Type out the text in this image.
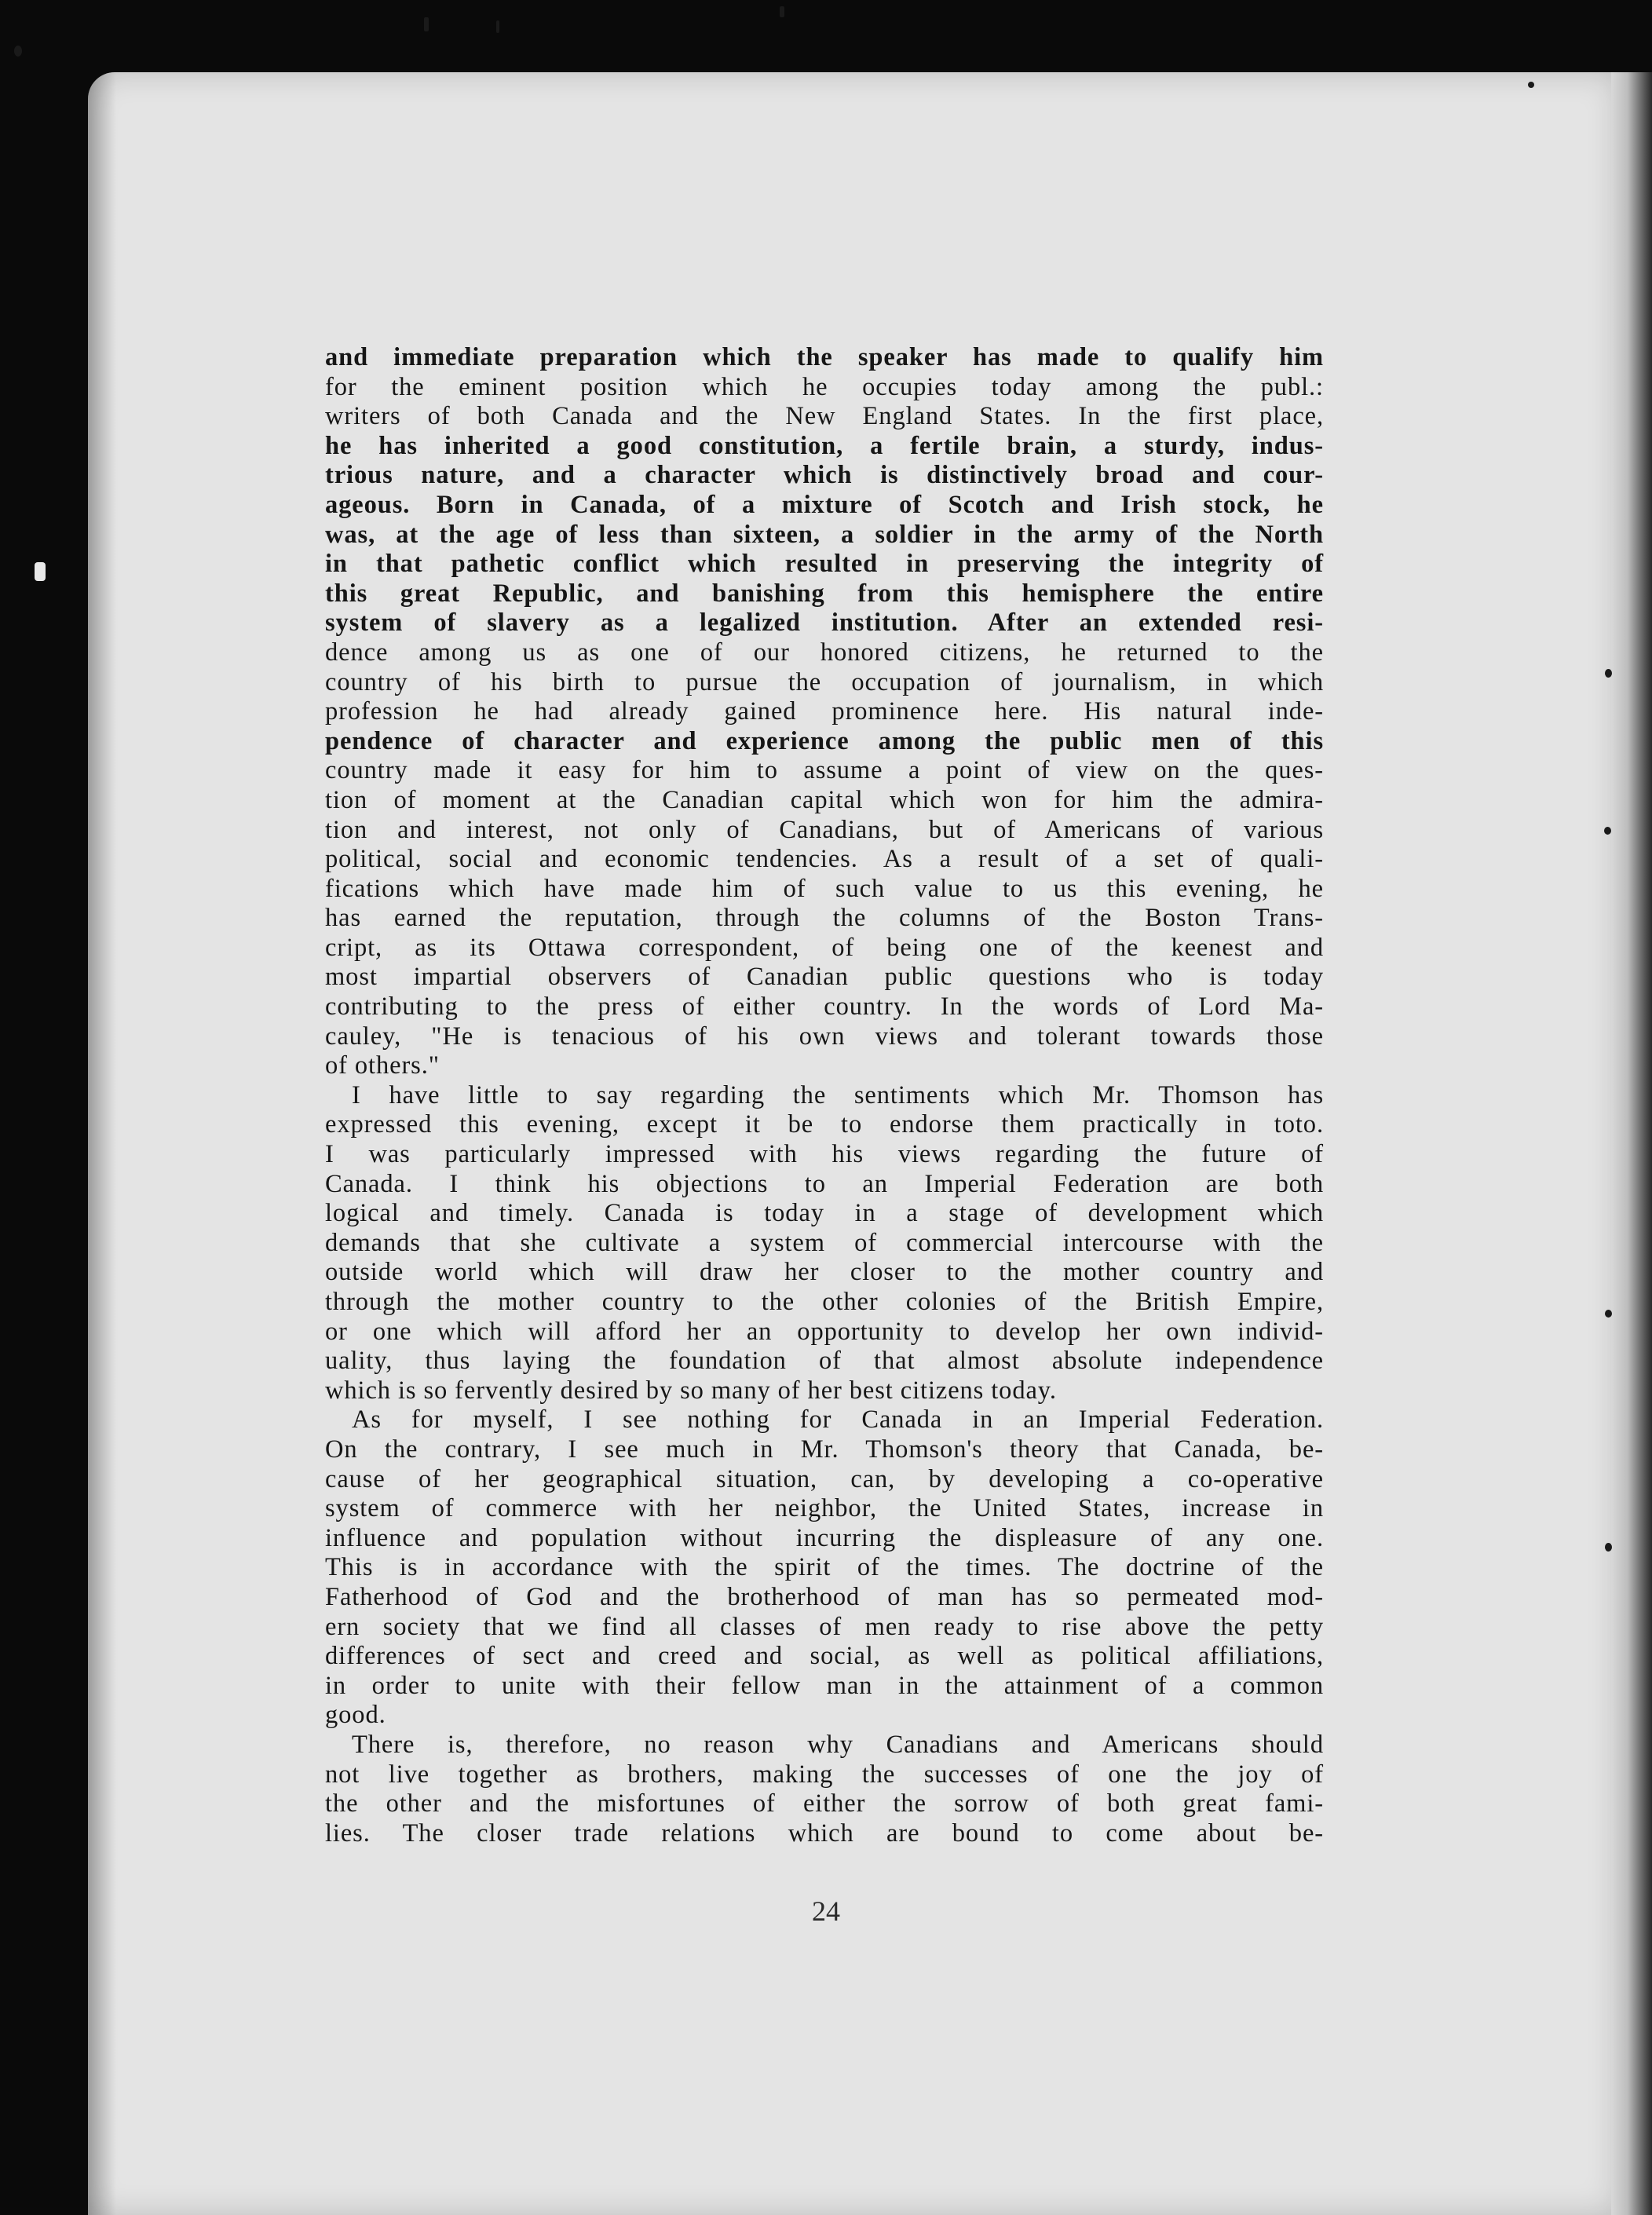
and immediate preparation which the speaker has made to qualify him
for the eminent position which he occupies today among the publ.:
writers of both Canada and the New England States. In the first place,
he has inherited a good constitution, a fertile brain, a sturdy, indus-
trious nature, and a character which is distinctively broad and cour-
ageous. Born in Canada, of a mixture of Scotch and Irish stock, he
was, at the age of less than sixteen, a soldier in the army of the North
in that pathetic conflict which resulted in preserving the integrity of
this great Republic, and banishing from this hemisphere the entire
system of slavery as a legalized institution. After an extended resi-
dence among us as one of our honored citizens, he returned to the
country of his birth to pursue the occupation of journalism, in which
profession he had already gained prominence here. His natural inde-
pendence of character and experience among the public men of this
country made it easy for him to assume a point of view on the ques-
tion of moment at the Canadian capital which won for him the admira-
tion and interest, not only of Canadians, but of Americans of various
political, social and economic tendencies. As a result of a set of quali-
fications which have made him of such value to us this evening, he
has earned the reputation, through the columns of the Boston Trans-
cript, as its Ottawa correspondent, of being one of the keenest and
most impartial observers of Canadian public questions who is today
contributing to the press of either country. In the words of Lord Ma-
cauley, "He is tenacious of his own views and tolerant towards those
of others."
I have little to say regarding the sentiments which Mr. Thomson has
expressed this evening, except it be to endorse them practically in toto.
I was particularly impressed with his views regarding the future of
Canada. I think his objections to an Imperial Federation are both
logical and timely. Canada is today in a stage of development which
demands that she cultivate a system of commercial intercourse with the
outside world which will draw her closer to the mother country and
through the mother country to the other colonies of the British Empire,
or one which will afford her an opportunity to develop her own individ-
uality, thus laying the foundation of that almost absolute independence
which is so fervently desired by so many of her best citizens today.
As for myself, I see nothing for Canada in an Imperial Federation.
On the contrary, I see much in Mr. Thomson's theory that Canada, be-
cause of her geographical situation, can, by developing a co-operative
system of commerce with her neighbor, the United States, increase in
influence and population without incurring the displeasure of any one.
This is in accordance with the spirit of the times. The doctrine of the
Fatherhood of God and the brotherhood of man has so permeated mod-
ern society that we find all classes of men ready to rise above the petty
differences of sect and creed and social, as well as political affiliations,
in order to unite with their fellow man in the attainment of a common
good.
There is, therefore, no reason why Canadians and Americans should
not live together as brothers, making the successes of one the joy of
the other and the misfortunes of either the sorrow of both great fami-
lies. The closer trade relations which are bound to come about be-
24
